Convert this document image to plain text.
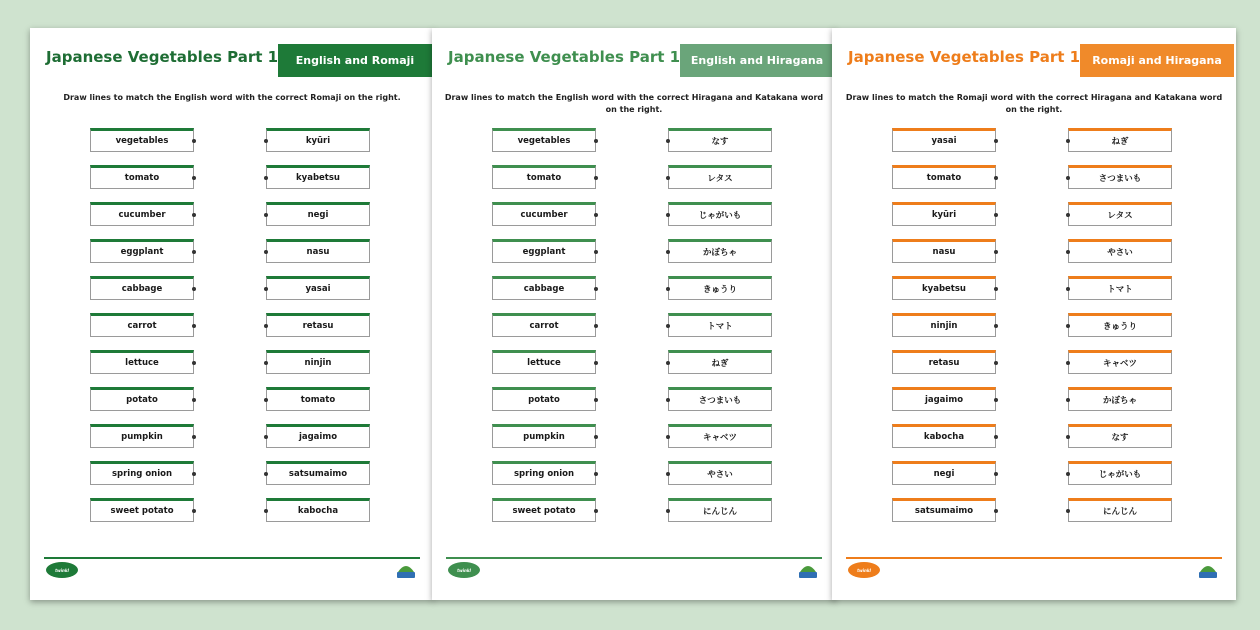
Japanese Vegetables Part 1	English and Romaji
Draw lines to match the English word with the correct Romaji on the right.
vegetables
tomato
cucumber
eggplant
cabbage
carrot
lettuce
potato
pumpkin
spring onion
sweet potato
kyūri
kyabetsu
negi
nasu
yasai
retasu
ninjin
tomato
jagaimo
satsumaimo
kabocha
twinkl
Japanese Vegetables Part 1 English and Hiragana
Draw lines to match the English word with the correct Hiragana and Katakana word on the right.
vegetables
tomato
cucumber
eggplant
cabbage
carrot
lettuce
potato
pumpkin
spring onion
sweet potato
なす
レタス
じゃがいも
かぼちゃ
きゅうり
トマト
ねぎ
さつまいも
キャベツ
やさい
にんじん
twinkl
Japanese Vegetables Part 1	Romaji and Hiragana
Draw lines to match the Romaji word with the correct Hiragana and Katakana word on the right.
yasai
tomato
kyūri
nasu
kyabetsu
ninjin
retasu
jagaimo
kabocha
negi
satsumaimo
ねぎ
さつまいも
レタス
やさい
トマト
きゅうり
キャベツ
かぼちゃ
なす
じゃがいも
にんじん
twinkl
